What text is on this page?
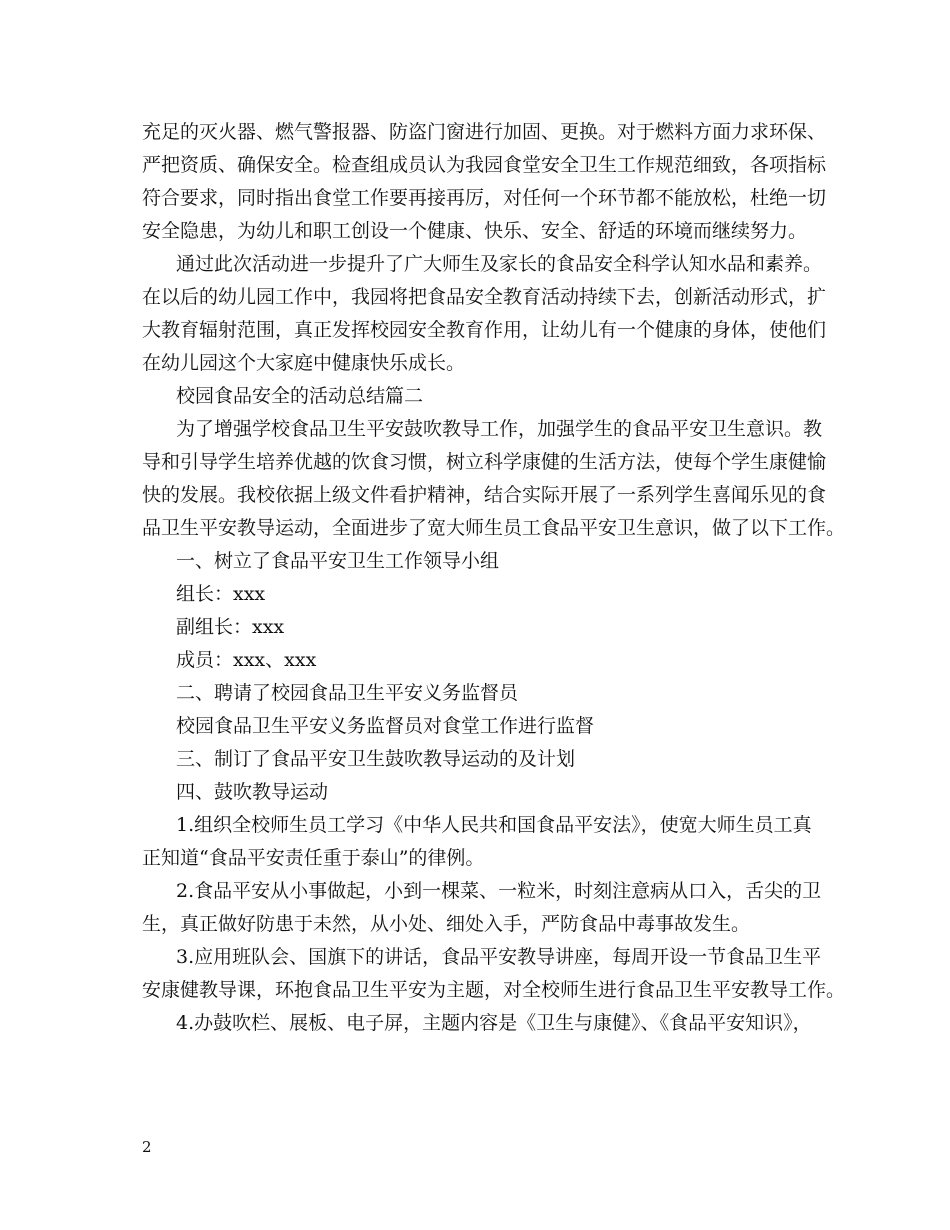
充足的灭火器、燃气警报器、防盗门窗进行加固、更换。对于燃料方面力求环保、
严把资质、确保安全。检查组成员认为我园食堂安全卫生工作规范细致，各项指标
符合要求，同时指出食堂工作要再接再厉，对任何一个环节都不能放松，杜绝一切
安全隐患，为幼儿和职工创设一个健康、快乐、安全、舒适的环境而继续努力。
通过此次活动进一步提升了广大师生及家长的食品安全科学认知水品和素养。
在以后的幼儿园工作中，我园将把食品安全教育活动持续下去，创新活动形式，扩
大教育辐射范围，真正发挥校园安全教育作用，让幼儿有一个健康的身体，使他们
在幼儿园这个大家庭中健康快乐成长。
校园食品安全的活动总结篇二
为了增强学校食品卫生平安鼓吹教导工作，加强学生的食品平安卫生意识。教
导和引导学生培养优越的饮食习惯，树立科学康健的生活方法，使每个学生康健愉
快的发展。我校依据上级文件看护精神，结合实际开展了一系列学生喜闻乐见的食
品卫生平安教导运动，全面进步了宽大师生员工食品平安卫生意识，做了以下工作。
一、树立了食品平安卫生工作领导小组
组长：xxx
副组长：xxx
成员：xxx、xxx
二、聘请了校园食品卫生平安义务监督员
校园食品卫生平安义务监督员对食堂工作进行监督
三、制订了食品平安卫生鼓吹教导运动的及计划
四、鼓吹教导运动
1.组织全校师生员工学习《中华人民共和国食品平安法》，使宽大师生员工真
正知道“食品平安责任重于泰山”的律例。
2.食品平安从小事做起，小到一棵菜、一粒米，时刻注意病从口入，舌尖的卫
生，真正做好防患于未然，从小处、细处入手，严防食品中毒事故发生。
3.应用班队会、国旗下的讲话，食品平安教导讲座，每周开设一节食品卫生平
安康健教导课，环抱食品卫生平安为主题，对全校师生进行食品卫生平安教导工作。
4.办鼓吹栏、展板、电子屏，主题内容是《卫生与康健》、《食品平安知识》，
2
